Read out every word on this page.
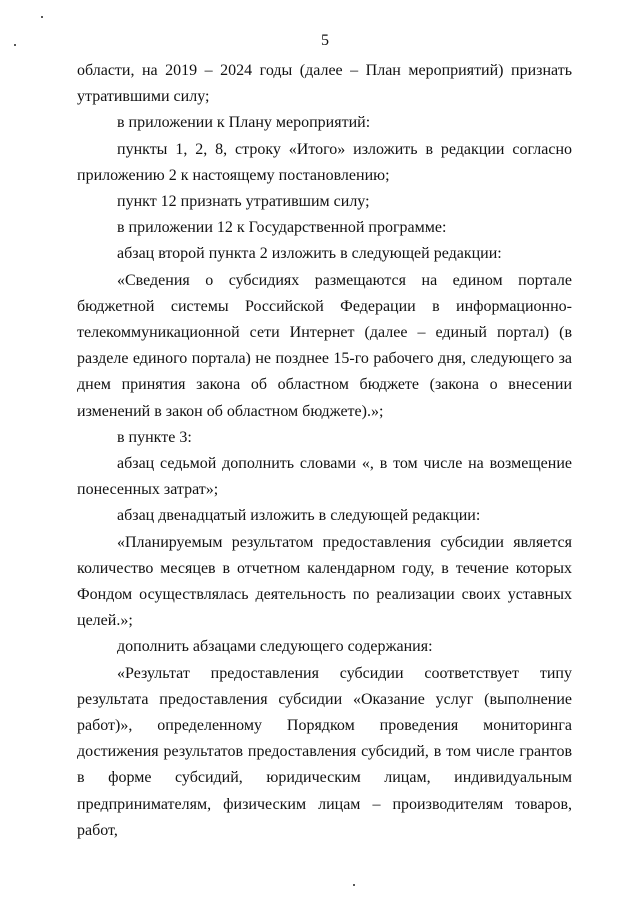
5

области, на 2019 – 2024 годы (далее – План мероприятий) признать утратившими силу;

в приложении к Плану мероприятий:

пункты 1, 2, 8, строку «Итого» изложить в редакции согласно приложению 2 к настоящему постановлению;

пункт 12 признать утратившим силу;

в приложении 12 к Государственной программе:

абзац второй пункта 2 изложить в следующей редакции:

«Сведения о субсидиях размещаются на едином портале бюджетной системы Российской Федерации в информационно-телекоммуникационной сети Интернет (далее – единый портал) (в разделе единого портала) не позднее 15-го рабочего дня, следующего за днем принятия закона об областном бюджете (закона о внесении изменений в закон об областном бюджете).»;

в пункте 3:

абзац седьмой дополнить словами «, в том числе на возмещение понесенных затрат»;

абзац двенадцатый изложить в следующей редакции:

«Планируемым результатом предоставления субсидии является количество месяцев в отчетном календарном году, в течение которых Фондом осуществлялась деятельность по реализации своих уставных целей.»;

дополнить абзацами следующего содержания:

«Результат предоставления субсидии соответствует типу результата предоставления субсидии «Оказание услуг (выполнение работ)», определенному Порядком проведения мониторинга достижения результатов предоставления субсидий, в том числе грантов в форме субсидий, юридическим лицам, индивидуальным предпринимателям, физическим лицам – производителям товаров, работ,
